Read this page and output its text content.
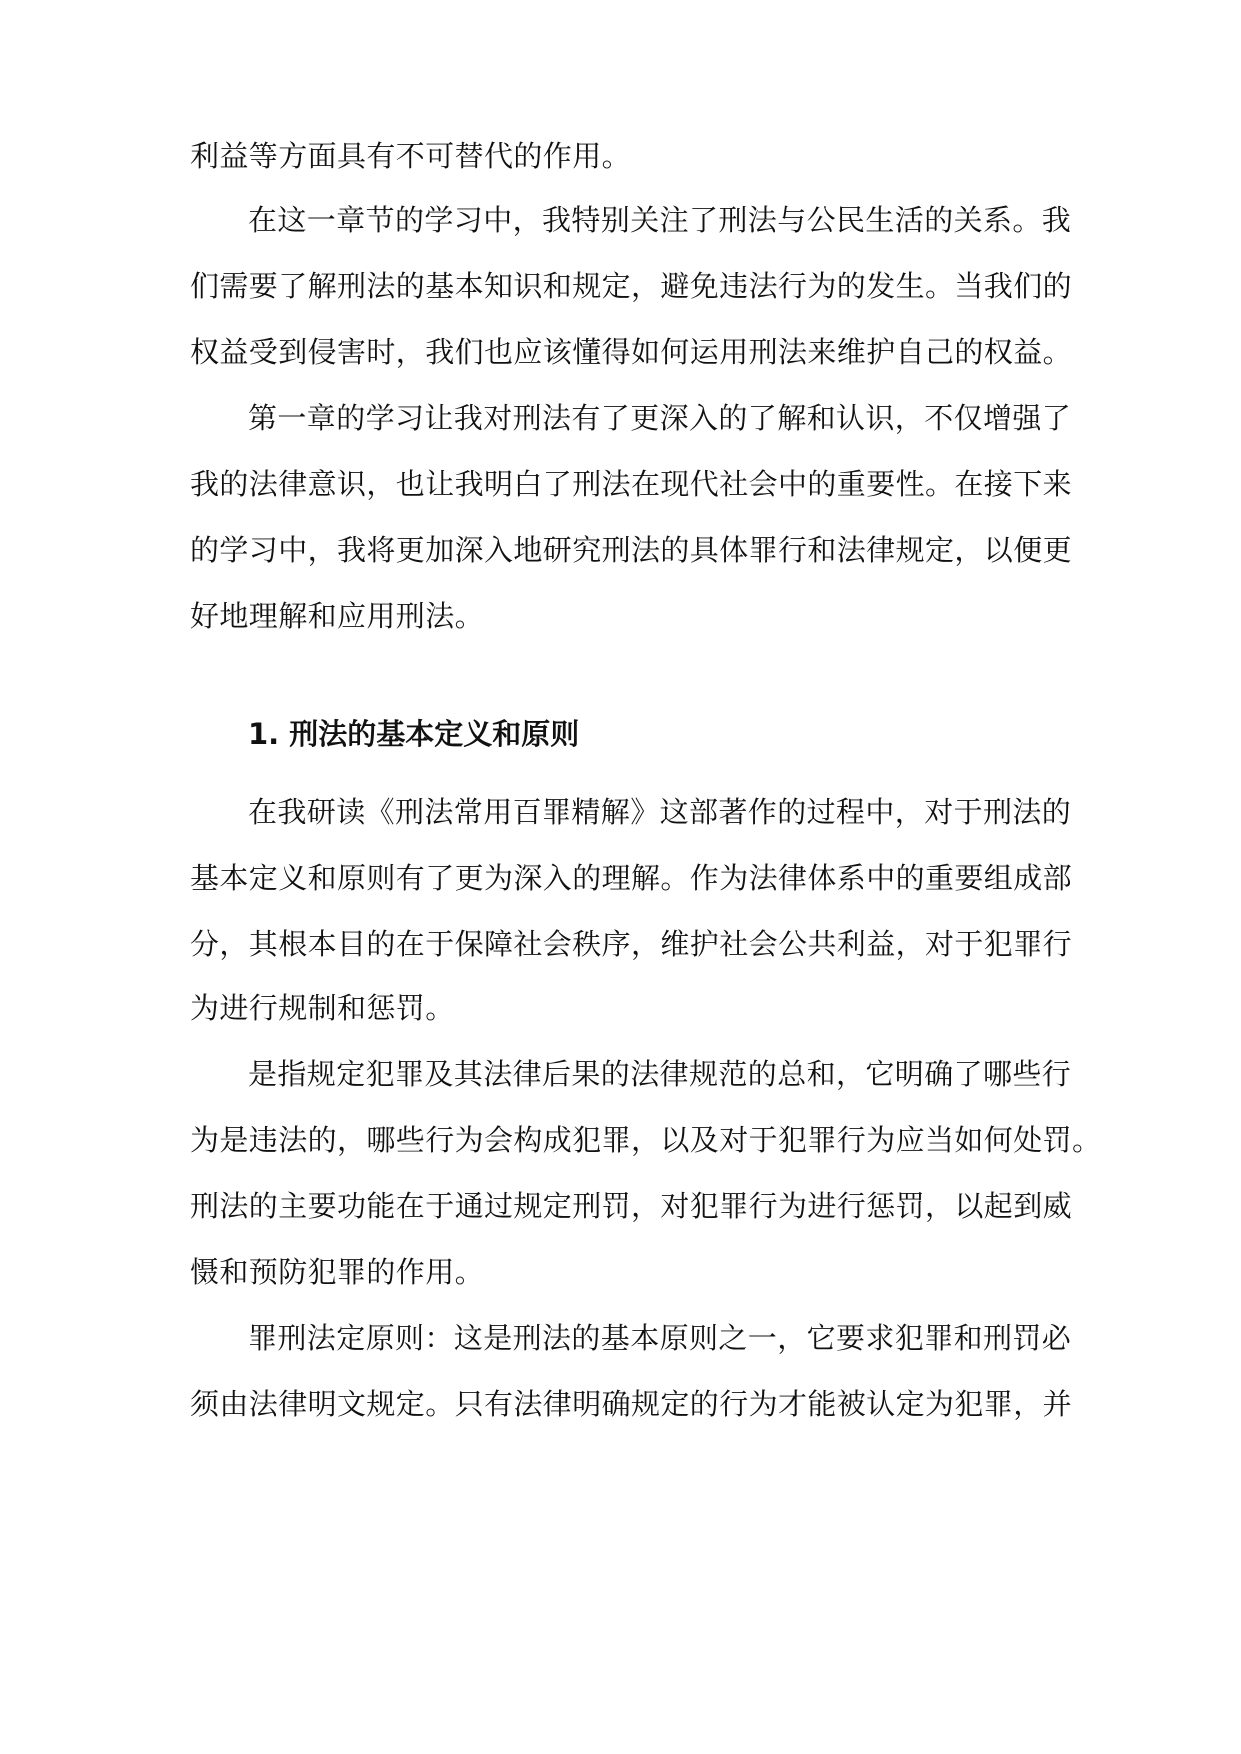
利益等方面具有不可替代的作用。
在这一章节的学习中，我特别关注了刑法与公民生活的关系。我
们需要了解刑法的基本知识和规定，避免违法行为的发生。当我们的
权益受到侵害时，我们也应该懂得如何运用刑法来维护自己的权益。
第一章的学习让我对刑法有了更深入的了解和认识，不仅增强了
我的法律意识，也让我明白了刑法在现代社会中的重要性。在接下来
的学习中，我将更加深入地研究刑法的具体罪行和法律规定，以便更
好地理解和应用刑法。
1. 刑法的基本定义和原则
在我研读《刑法常用百罪精解》这部著作的过程中，对于刑法的
基本定义和原则有了更为深入的理解。作为法律体系中的重要组成部
分，其根本目的在于保障社会秩序，维护社会公共利益，对于犯罪行
为进行规制和惩罚。
是指规定犯罪及其法律后果的法律规范的总和，它明确了哪些行
为是违法的，哪些行为会构成犯罪，以及对于犯罪行为应当如何处罚。
刑法的主要功能在于通过规定刑罚，对犯罪行为进行惩罚，以起到威
慑和预防犯罪的作用。
罪刑法定原则：这是刑法的基本原则之一，它要求犯罪和刑罚必
须由法律明文规定。只有法律明确规定的行为才能被认定为犯罪，并
